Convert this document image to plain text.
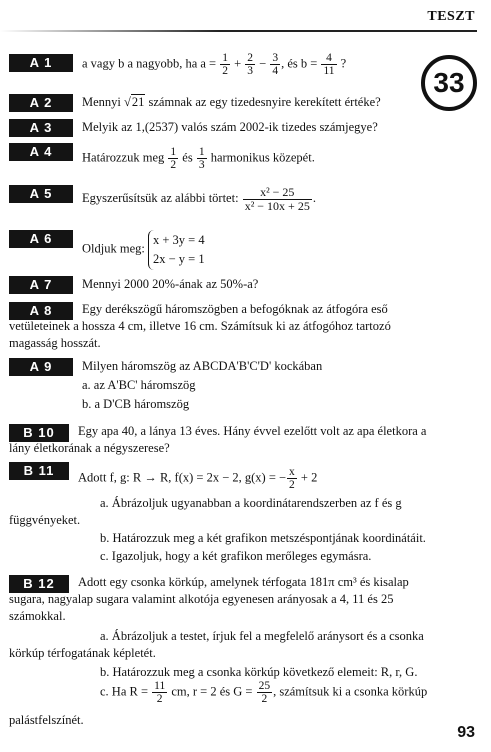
TESZT
33
A 1	a vagy b a nagyobb, ha $a = \frac{1}{2} + \frac{2}{3} - \frac{3}{4}$ , és $b = \frac{4}{11}$ ?
A 2	Mennyi √21 számnak az egy tizedesnyire kerekített értéke?
A 3	Melyik az 1,(2537) valós szám 2002-ik tizedes számjegye?
A 4	Határozzuk meg $\frac{1}{2}$ és $\frac{1}{3}$ harmonikus közepét.
A 5	Egyszerűsítsük az alábbi törtet: $\frac{\text{x² − 25}}{\text{x² − 10x + 25}}$ .
A 6
Oldjuk meg: x + 3y = 4
2x − y = 1
A 7	Mennyi 2000 20%-ának az 50%-a?
A 8	Egy derékszögű háromszögben a befogóknak az átfogóra eső
vetületeinek a hossza 4 cm, illetve 16 cm. Számítsuk ki az átfogóhoz tartozó
magasság hosszát.
A 9	Milyen háromszög az ABCDA'B'C'D' kockában
a. az A'BC' háromszög
b. a D'CB háromszög
B 10	Egy apa 40, a lánya 13 éves. Hány évvel ezelőtt volt az apa életkora a
lány életkorának a négyszerese?
B 11	Adott f, g: R → R, f(x) = 2x − 2, g(x) = − $\frac{x}{2} + 2$
a. Ábrázoljuk ugyanabban a koordinátarendszerben az f és g
függvényeket.
b. Határozzuk meg a két grafikon metszéspontjának koordinátáit.
c. Igazoljuk, hogy a két grafikon merőleges egymásra.
B 12	Adott egy csonka körkúp, amelynek térfogata 181π cm³ és kisalap
sugara, nagyalap sugara valamint alkotója egyenesen arányosak a 4, 11 és 25
számokkal.
a. Ábrázoljuk a testet, írjuk fel a megfelelő aránysort és a csonka
körkúp térfogatának képletét.
b. Határozzuk meg a csonka körkúp következő elemeit: R, r, G.
c. Ha $R = \frac{11}{2}$ cm, r = 2 és $G = \frac{25}{2}$ , számítsuk ki a csonka körkúp
palástfelszínét.
93
